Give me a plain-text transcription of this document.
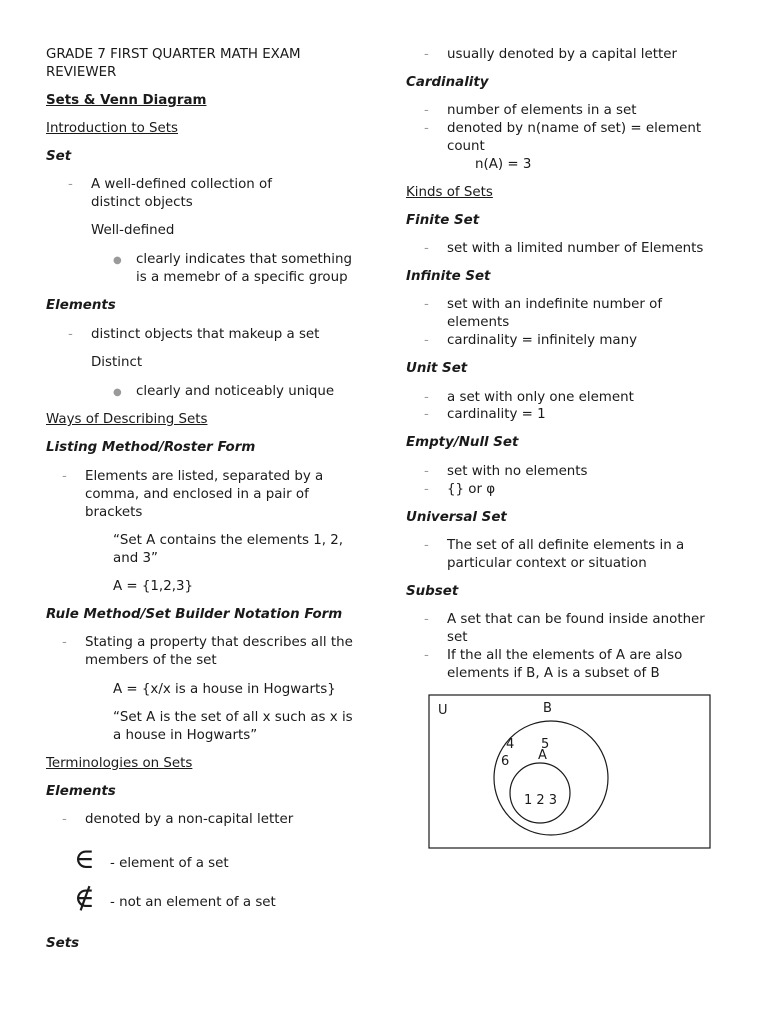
GRADE 7 FIRST QUARTER MATH EXAM
REVIEWER
Sets & Venn Diagram
Introduction to Sets
Set
- A well-defined collection of
distinct objects
Well-defined
● clearly indicates that something
is a memebr of a specific group
Elements
- distinct objects that makeup a set
Distinct
● clearly and noticeably unique
Ways of Describing Sets
Listing Method/Roster Form
- Elements are listed, separated by a
comma, and enclosed in a pair of
brackets
“Set A contains the elements 1, 2,
and 3”
A = {1,2,3}
Rule Method/Set Builder Notation Form
- Stating a property that describes all the
members of the set
A = {x/x is a house in Hogwarts}
“Set A is the set of all x such as x is
a house in Hogwarts”
Terminologies on Sets
Elements
- denoted by a non-capital letter
∈ - element of a set
∉ - not an element of a set
Sets
- usually denoted by a capital letter
Cardinality
- number of elements in a set
- denoted by n(name of set) = element
count
n(A) = 3
Kinds of Sets
Finite Set
- set with a limited number of Elements
Infinite Set
- set with an indefinite number of
elements
- cardinality = infinitely many
Unit Set
- a set with only one element
- cardinality = 1
Empty/Null Set
- set with no elements
- {} or φ
Universal Set
- The set of all definite elements in a
particular context or situation
Subset
- A set that can be found inside another
set
- If the all the elements of A are also
elements if B, A is a subset of B
U	B
A
4 5
6
1 2 3
